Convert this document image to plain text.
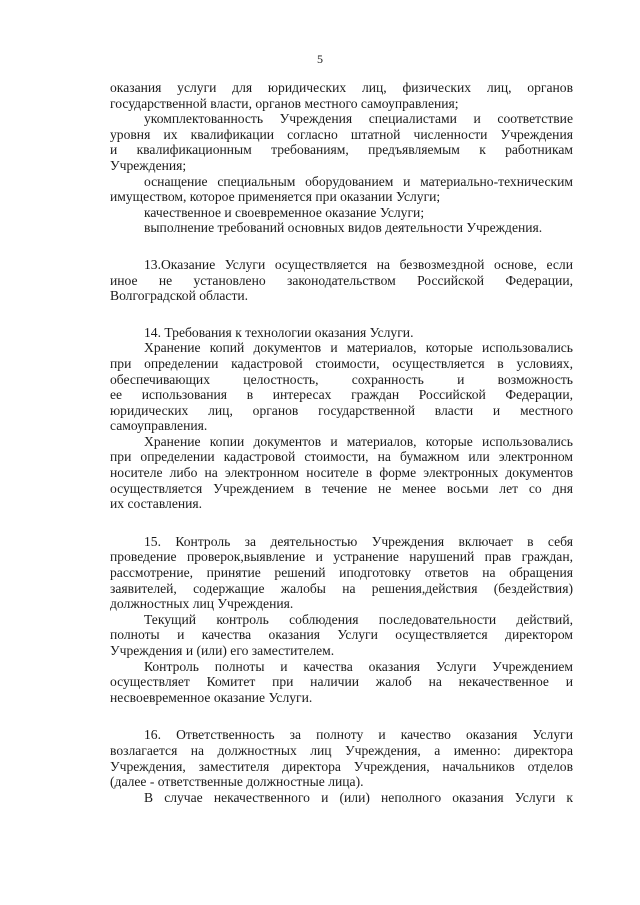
5
оказания услуги для юридических лиц, физических лиц, органов
государственной власти, органов местного самоуправления;
укомплектованность Учреждения специалистами и соответствие
уровня их квалификации согласно штатной численности Учреждения
и квалификационным требованиям, предъявляемым к работникам
Учреждения;
оснащение специальным оборудованием и материально-техническим
имуществом, которое применяется при оказании Услуги;
качественное и своевременное оказание Услуги;
выполнение требований основных видов деятельности Учреждения.
13.Оказание Услуги осуществляется на безвозмездной основе, если
иное не установлено законодательством Российской Федерации,
Волгоградской области.
14. Требования к технологии оказания Услуги.
Хранение копий документов и материалов, которые использовались
при определении кадастровой стоимости, осуществляется в условиях,
обеспечивающих целостность, сохранность и возможность
ее использования в интересах граждан Российской Федерации,
юридических лиц, органов государственной власти и местного
самоуправления.
Хранение копии документов и материалов, которые использовались
при определении кадастровой стоимости, на бумажном или электронном
носителе либо на электронном носителе в форме электронных документов
осуществляется Учреждением в течение не менее восьми лет со дня
их составления.
15. Контроль за деятельностью Учреждения включает в себя
проведение проверок,выявление и устранение нарушений прав граждан,
рассмотрение, принятие решений иподготовку ответов на обращения
заявителей, содержащие жалобы на решения,действия (бездействия)
должностных лиц Учреждения.
Текущий контроль соблюдения последовательности действий,
полноты и качества оказания Услуги осуществляется директором
Учреждения и (или) его заместителем.
Контроль полноты и качества оказания Услуги Учреждением
осуществляет Комитет при наличии жалоб на некачественное и
несвоевременное оказание Услуги.
16. Ответственность за полноту и качество оказания Услуги
возлагается на должностных лиц Учреждения, а именно: директора
Учреждения, заместителя директора Учреждения, начальников отделов
(далее - ответственные должностные лица).
В случае некачественного и (или) неполного оказания Услуги к
